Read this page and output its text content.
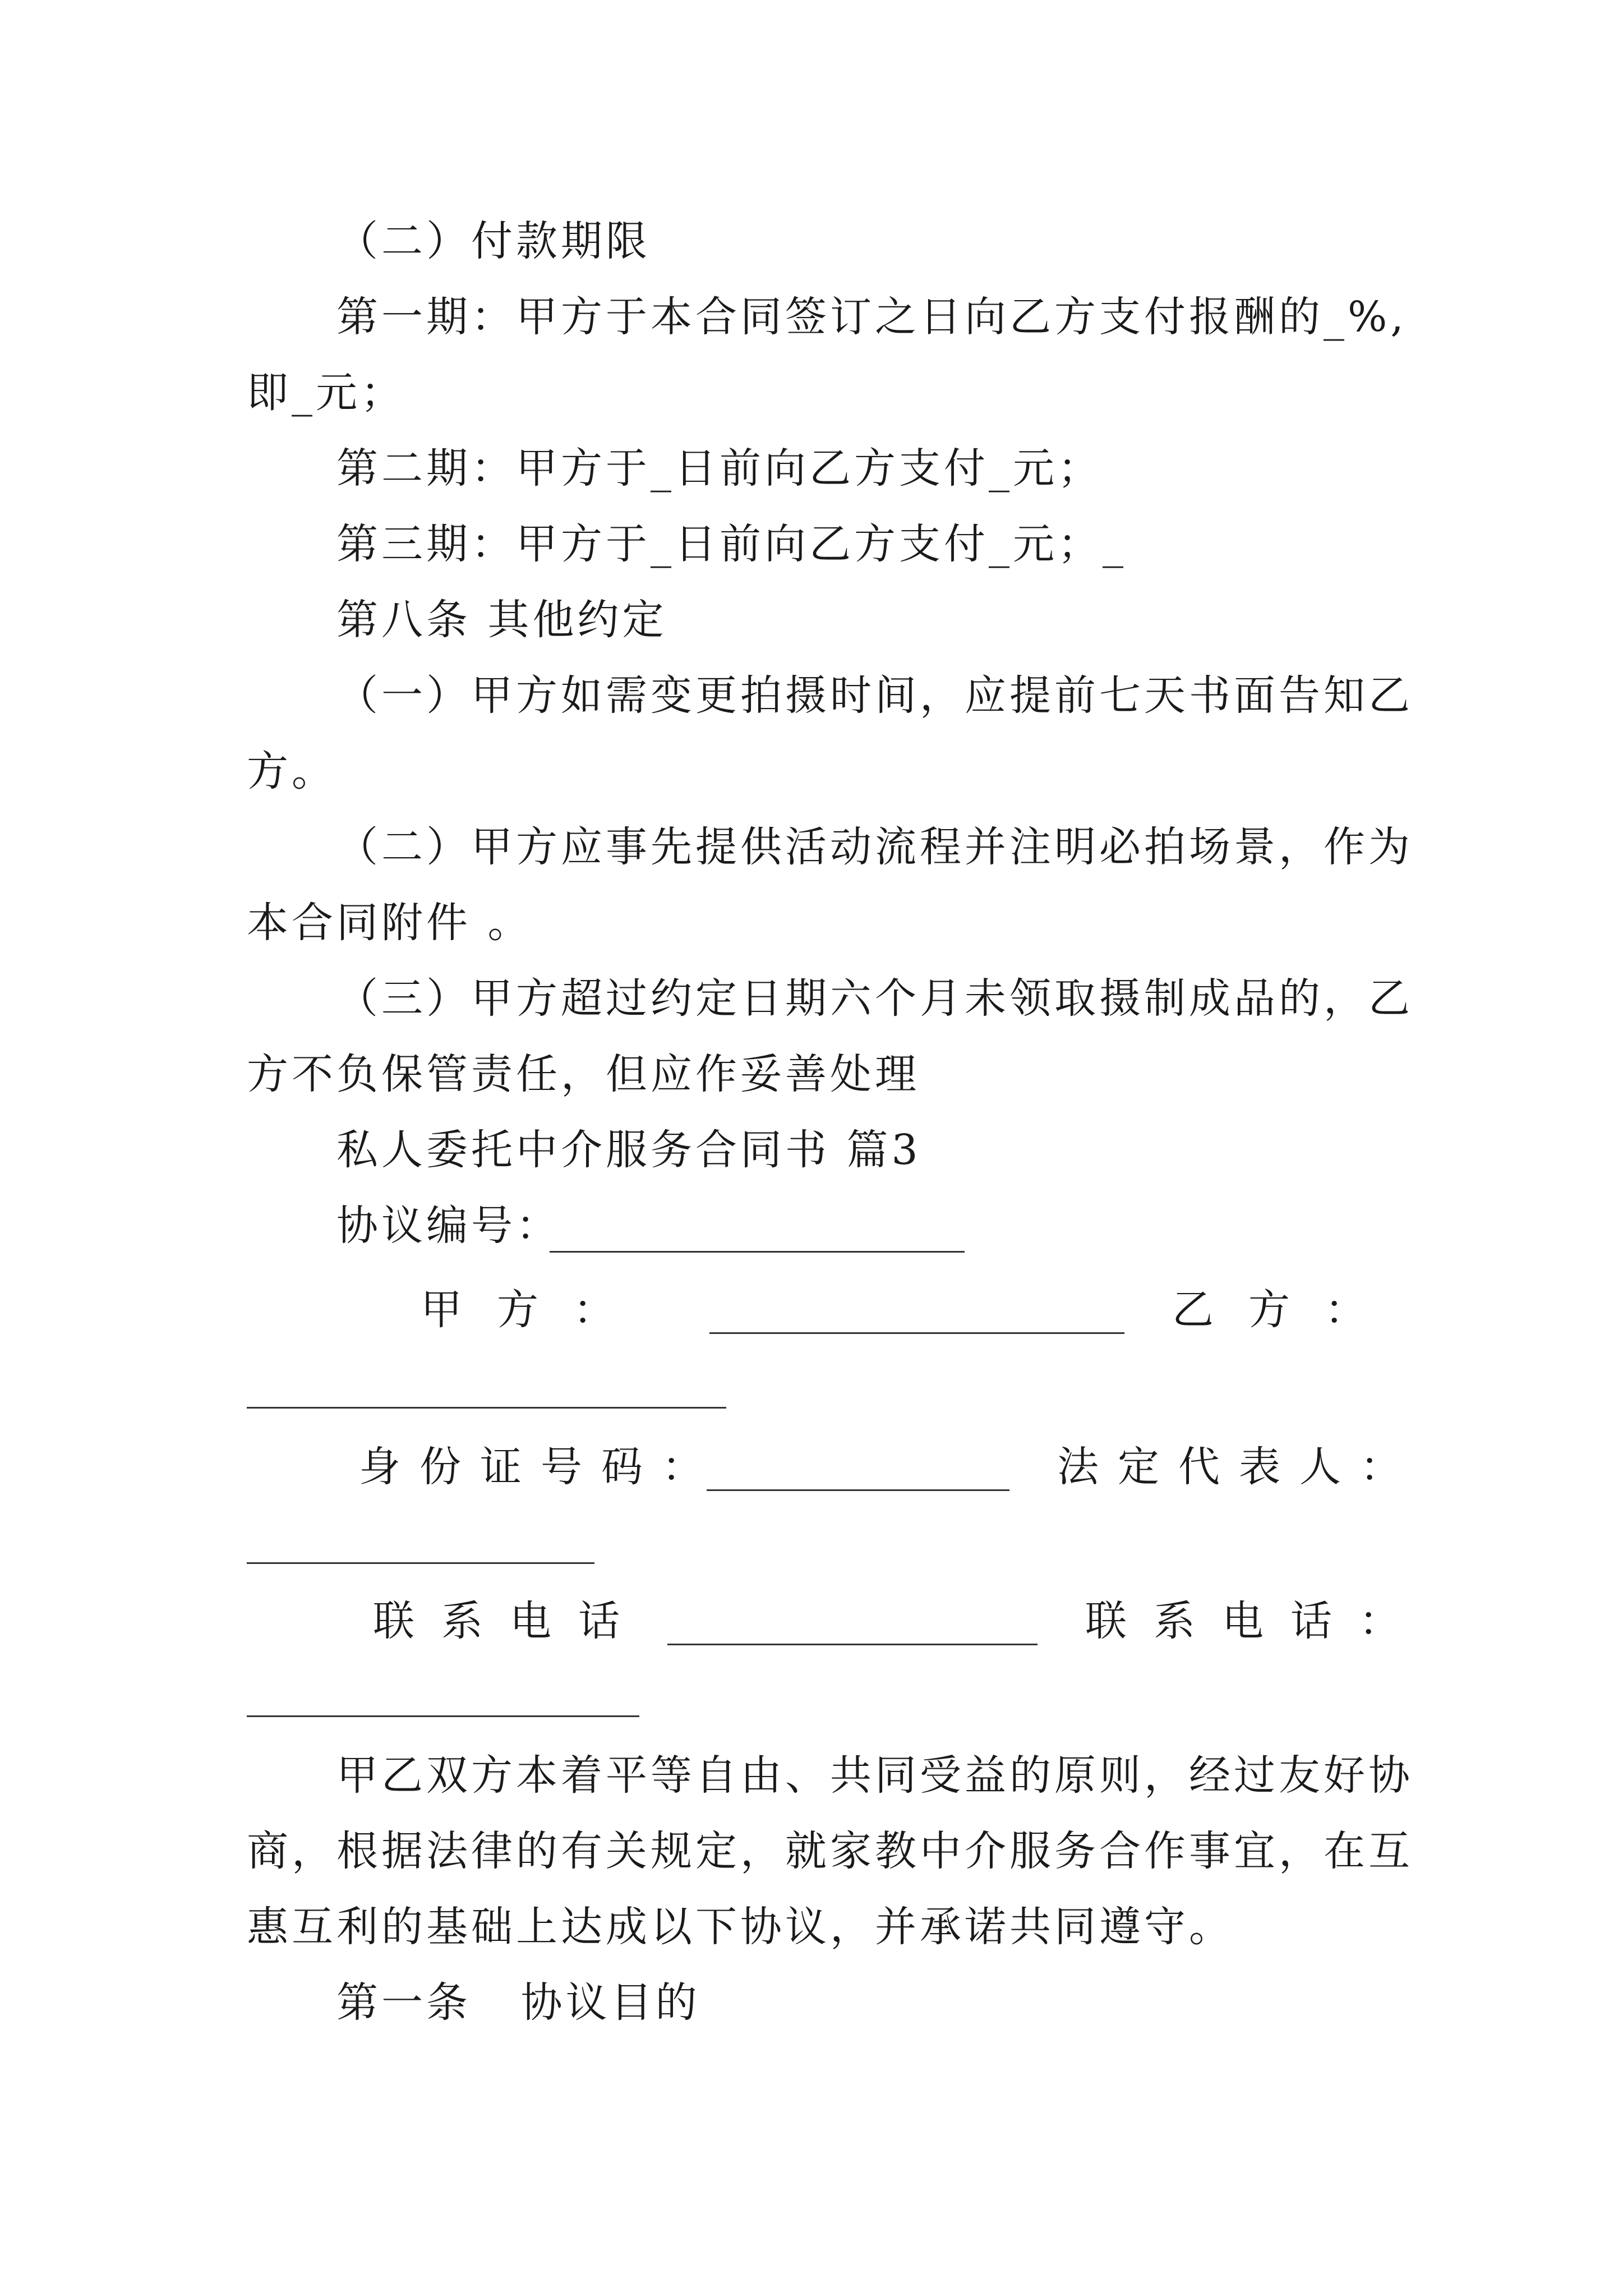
（二）付款期限
第一期：甲方于本合同签订之日向乙方支付报酬的_%,
即_元；
第二期：甲方于_日前向乙方支付_元；
第三期：甲方于_日前向乙方支付_元；_
第八条 其他约定
（一）甲方如需变更拍摄时间，应提前七天书面告知乙
方。
（二）甲方应事先提供活动流程并注明必拍场景，作为
本合同附件 。
（三）甲方超过约定日期六个月未领取摄制成品的，乙
方不负保管责任，但应作妥善处理
私人委托中介服务合同书 篇3
协议编号：
甲方：	乙方：
身份证号码：	法定代表人：
联系电话	联系电话：
甲乙双方本着平等自由、共同受益的原则，经过友好协
商，根据法律的有关规定，就家教中介服务合作事宜，在互
惠互利的基础上达成以下协议，并承诺共同遵守。
第一条   协议目的
